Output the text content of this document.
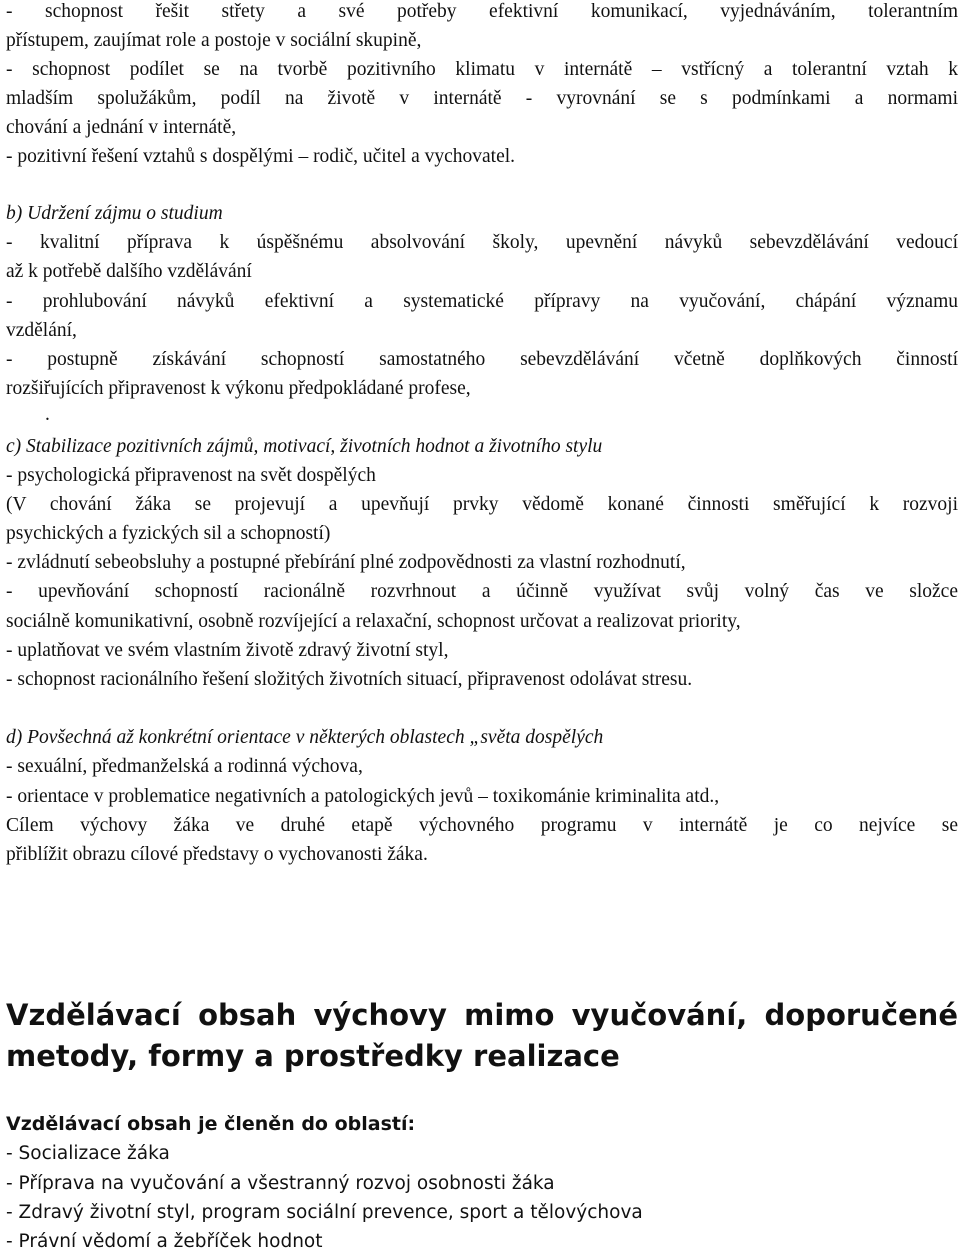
- schopnost řešit střety a své potřeby efektivní komunikací, vyjednáváním, tolerantním
přístupem, zaujímat role a postoje v sociální skupině,
- schopnost podílet se na tvorbě pozitivního klimatu v internátě – vstřícný a tolerantní vztah k
mladším spolužákům, podíl na životě v internátě - vyrovnání se s podmínkami a normami
chování a jednání v internátě,
- pozitivní řešení vztahů s dospělými – rodič, učitel a vychovatel.
b) Udržení zájmu o studium
- kvalitní příprava k úspěšnému absolvování školy, upevnění návyků sebevzdělávání vedoucí
až k potřebě dalšího vzdělávání
- prohlubování návyků efektivní a systematické přípravy na vyučování, chápání významu
vzdělání,
- postupně získávání schopností samostatného sebevzdělávání včetně doplňkových činností
rozšiřujících připravenost k výkonu předpokládané profese,
.
c) Stabilizace pozitivních zájmů, motivací, životních hodnot a životního stylu
- psychologická připravenost na svět dospělých
(V chování žáka se projevují a upevňují prvky vědomě konané činnosti směřující k rozvoji
psychických a fyzických sil a schopností)
- zvládnutí sebeobsluhy a postupné přebírání plné zodpovědnosti za vlastní rozhodnutí,
- upevňování schopností racionálně rozvrhnout a účinně využívat svůj volný čas ve složce
sociálně komunikativní, osobně rozvíjející a relaxační, schopnost určovat a realizovat priority,
- uplatňovat ve svém vlastním životě zdravý životní styl,
- schopnost racionálního řešení složitých životních situací, připravenost odolávat stresu.
d) Povšechná až konkrétní orientace v některých oblastech „světa dospělých
- sexuální, předmanželská a rodinná výchova,
- orientace v problematice negativních a patologických jevů – toxikománie kriminalita atd.,
Cílem výchovy žáka ve druhé etapě výchovného programu v internátě je co nejvíce se
přiblížit obrazu cílové představy o vychovanosti žáka.
Vzdělávací obsah výchovy mimo vyučování, doporučené
metody, formy a prostředky realizace
Vzdělávací obsah je členěn do oblastí:
- Socializace žáka
- Příprava na vyučování a všestranný rozvoj osobnosti žáka
- Zdravý životní styl, program sociální prevence, sport a tělovýchova
- Právní vědomí a žebříček hodnot
